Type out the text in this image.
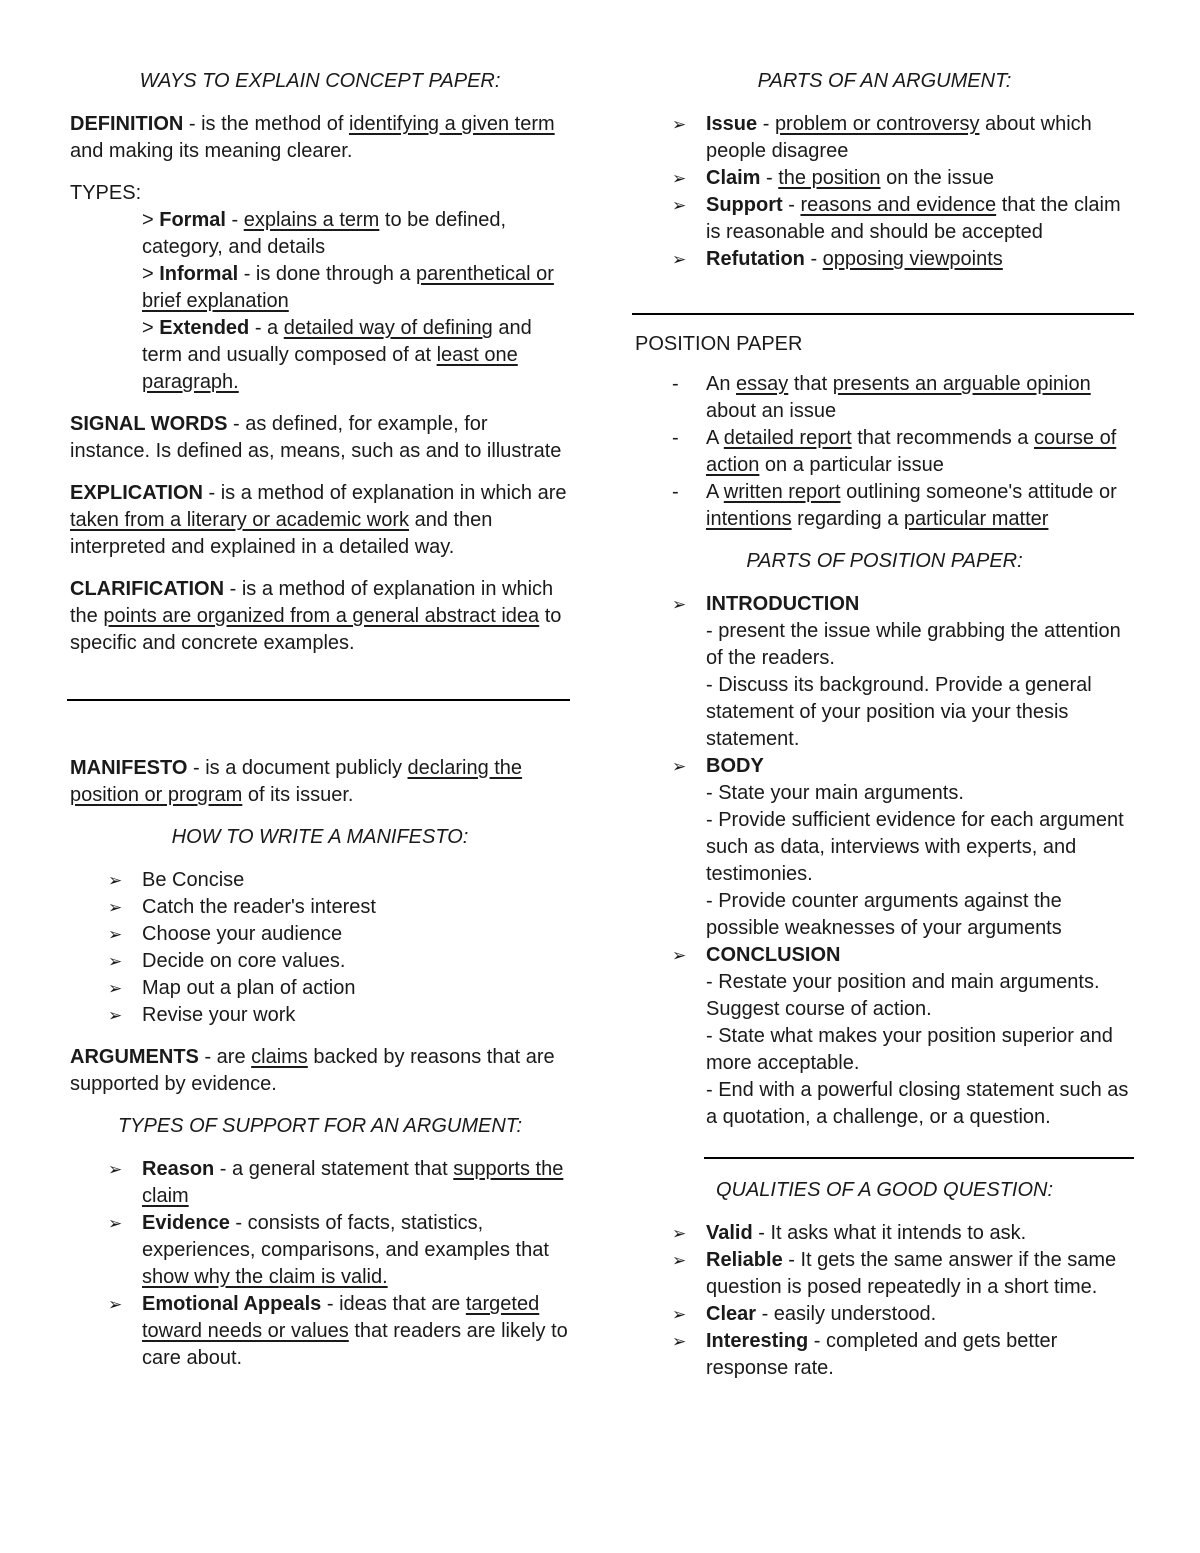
WAYS TO EXPLAIN CONCEPT PAPER:

DEFINITION - is the method of identifying a given term and making its meaning clearer.

TYPES:
> Formal - explains a term to be defined, category, and details
> Informal - is done through a parenthetical or brief explanation
> Extended - a detailed way of defining and term and usually composed of at least one paragraph.

SIGNAL WORDS - as defined, for example, for instance. Is defined as, means, such as and to illustrate

EXPLICATION - is a method of explanation in which are taken from a literary or academic work and then interpreted and explained in a detailed way.

CLARIFICATION - is a method of explanation in which the points are organized from a general abstract idea to specific and concrete examples.

MANIFESTO - is a document publicly declaring the position or program of its issuer.

HOW TO WRITE A MANIFESTO:

➢ Be Concise
➢ Catch the reader's interest
➢ Choose your audience
➢ Decide on core values.
➢ Map out a plan of action
➢ Revise your work

ARGUMENTS - are claims backed by reasons that are supported by evidence.

TYPES OF SUPPORT FOR AN ARGUMENT:

➢ Reason - a general statement that supports the claim
➢ Evidence - consists of facts, statistics, experiences, comparisons, and examples that show why the claim is valid.
➢ Emotional Appeals - ideas that are targeted toward needs or values that readers are likely to care about.

PARTS OF AN ARGUMENT:

➢ Issue - problem or controversy about which people disagree
➢ Claim - the position on the issue
➢ Support - reasons and evidence that the claim is reasonable and should be accepted
➢ Refutation - opposing viewpoints

POSITION PAPER

- An essay that presents an arguable opinion about an issue
- A detailed report that recommends a course of action on a particular issue
- A written report outlining someone's attitude or intentions regarding a particular matter

PARTS OF POSITION PAPER:

➢ INTRODUCTION
- present the issue while grabbing the attention of the readers.
- Discuss its background. Provide a general statement of your position via your thesis statement.
➢ BODY
- State your main arguments.
- Provide sufficient evidence for each argument such as data, interviews with experts, and testimonies.
- Provide counter arguments against the possible weaknesses of your arguments
➢ CONCLUSION
- Restate your position and main arguments. Suggest course of action.
- State what makes your position superior and more acceptable.
- End with a powerful closing statement such as a quotation, a challenge, or a question.

QUALITIES OF A GOOD QUESTION:

➢ Valid - It asks what it intends to ask.
➢ Reliable - It gets the same answer if the same question is posed repeatedly in a short time.
➢ Clear - easily understood.
➢ Interesting - completed and gets better response rate.
